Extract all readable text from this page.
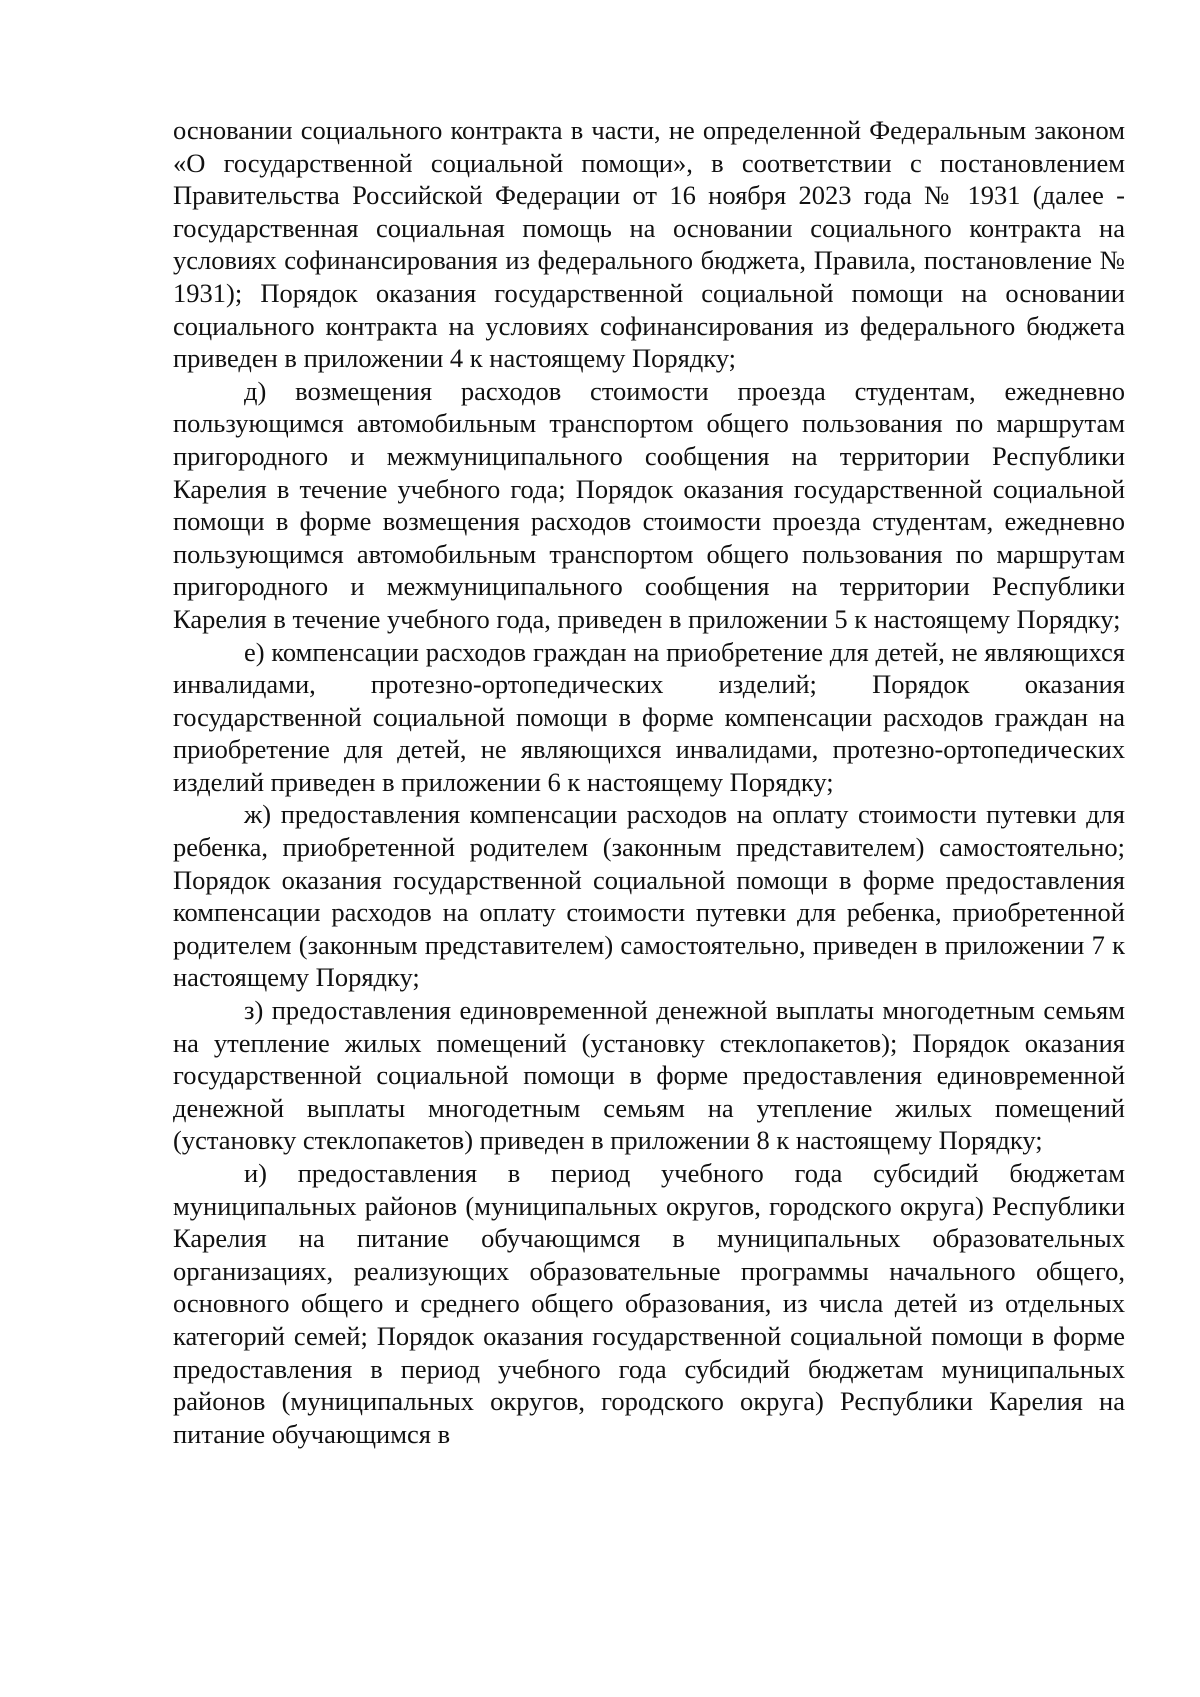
основании социального контракта в части, не определенной Федеральным законом «О государственной социальной помощи», в соответствии с постановлением Правительства Российской Федерации от 16 ноября 2023 года № 1931 (далее - государственная социальная помощь на основании социального контракта на условиях софинансирования из федерального бюджета, Правила, постановление № 1931); Порядок оказания государственной социальной помощи на основании социального контракта на условиях софинансирования из федерального бюджета приведен в приложении 4 к настоящему Порядку;

д) возмещения расходов стоимости проезда студентам, ежедневно пользующимся автомобильным транспортом общего пользования по маршрутам пригородного и межмуниципального сообщения на территории Республики Карелия в течение учебного года; Порядок оказания государственной социальной помощи в форме возмещения расходов стоимости проезда студентам, ежедневно пользующимся автомобильным транспортом общего пользования по маршрутам пригородного и межмуниципального сообщения на территории Республики Карелия в течение учебного года, приведен в приложении 5 к настоящему Порядку;

е) компенсации расходов граждан на приобретение для детей, не являющихся инвалидами, протезно-ортопедических изделий; Порядок оказания государственной социальной помощи в форме компенсации расходов граждан на приобретение для детей, не являющихся инвалидами, протезно-ортопедических изделий приведен в приложении 6 к настоящему Порядку;

ж) предоставления компенсации расходов на оплату стоимости путевки для ребенка, приобретенной родителем (законным представителем) самостоятельно; Порядок оказания государственной социальной помощи в форме предоставления компенсации расходов на оплату стоимости путевки для ребенка, приобретенной родителем (законным представителем) самостоятельно, приведен в приложении 7 к настоящему Порядку;

з) предоставления единовременной денежной выплаты многодетным семьям на утепление жилых помещений (установку стеклопакетов); Порядок оказания государственной социальной помощи в форме предоставления единовременной денежной выплаты многодетным семьям на утепление жилых помещений (установку стеклопакетов) приведен в приложении 8 к настоящему Порядку;

и) предоставления в период учебного года субсидий бюджетам муниципальных районов (муниципальных округов, городского округа) Республики Карелия на питание обучающимся в муниципальных образовательных организациях, реализующих образовательные программы начального общего, основного общего и среднего общего образования, из числа детей из отдельных категорий семей; Порядок оказания государственной социальной помощи в форме предоставления в период учебного года субсидий бюджетам муниципальных районов (муниципальных округов, городского округа) Республики Карелия на питание обучающимся в
